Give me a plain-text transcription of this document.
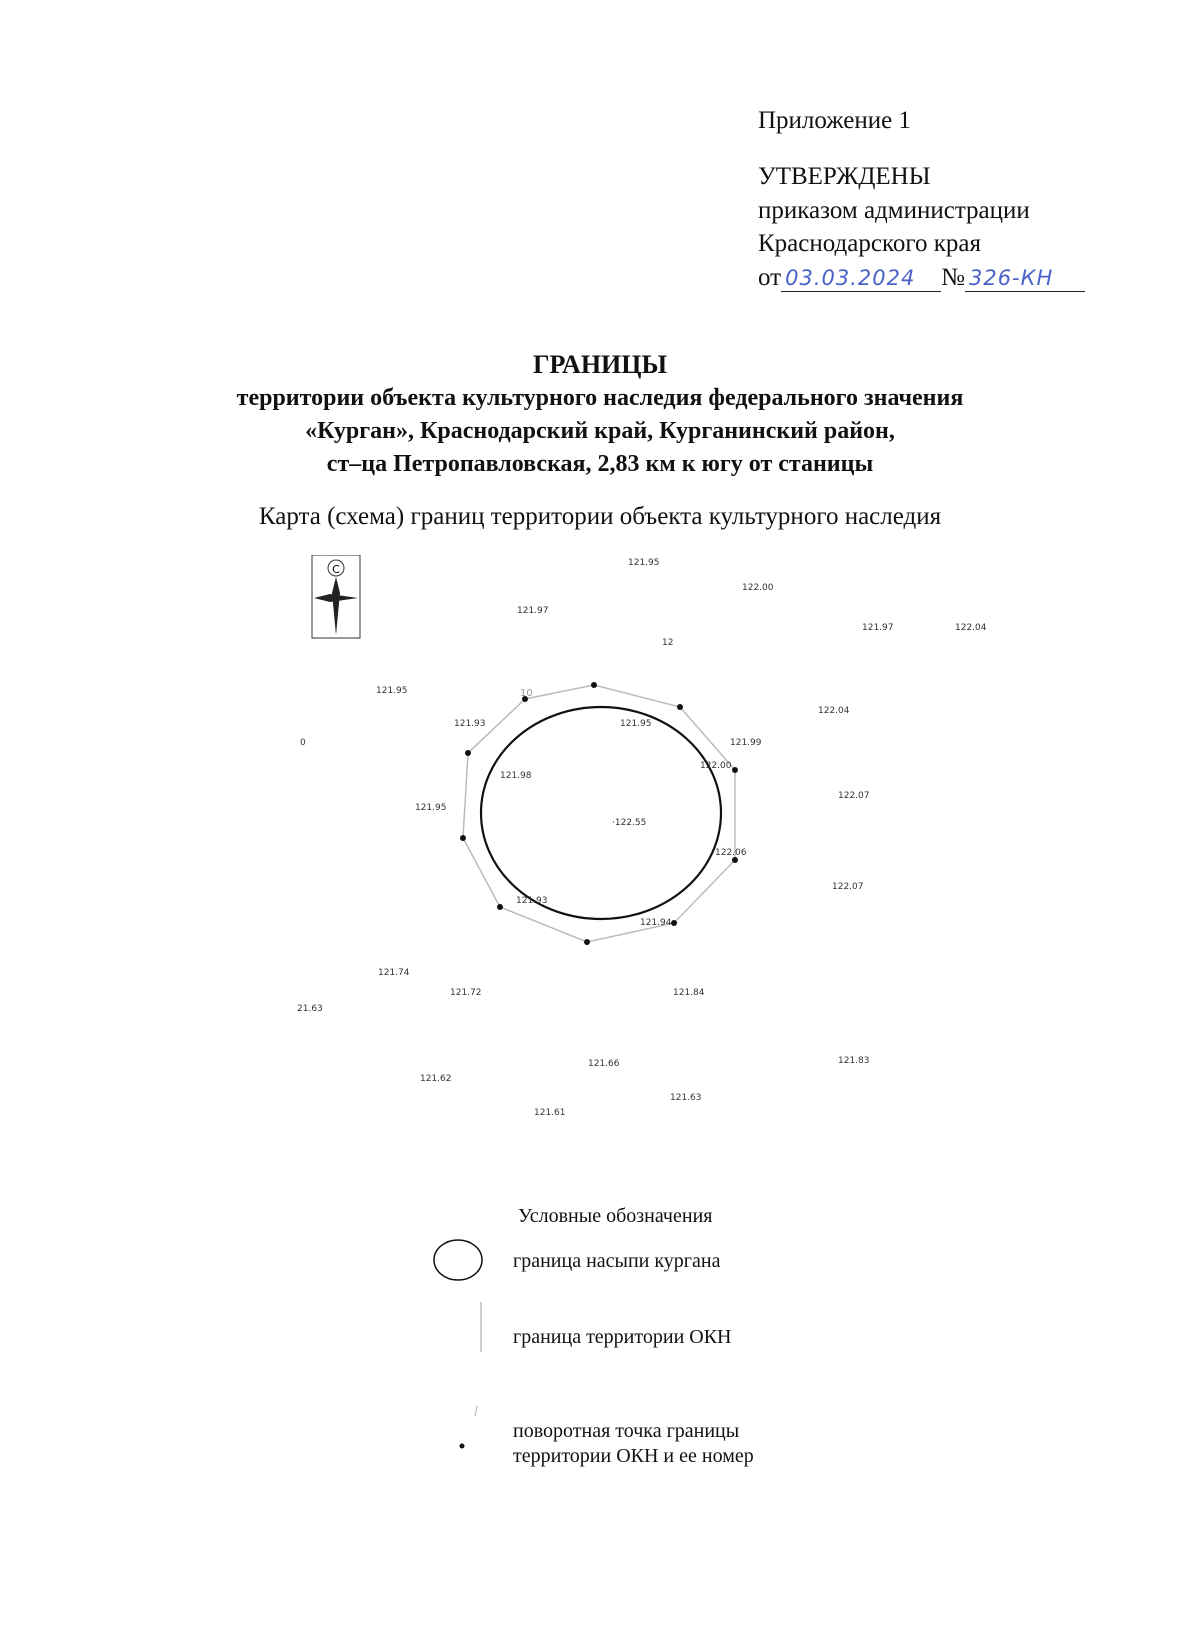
Приложение 1
УТВЕРЖДЕНЫ
приказом администрации
Краснодарского края
от 03.03.2024 № 326-КН
ГРАНИЦЫ
территории объекта культурного наследия федерального значения
«Курган», Краснодарский край, Курганинский район,
ст–ца Петропавловская, 2,83 км к югу от станицы
Карта (схема) границ территории объекта культурного наследия
С
10
121.95
122.00
121.97	122.04
12
121.97
121.95
122.04
121.93	121.95
121.99
122.00
0
121.98
122.07
121.95
·122.55
122.06
122.07
121.93
121.94
121.74
121.72	121.84
21.63
121.66	121.83
121.62
121.63
121.61
Условные обозначения
граница насыпи кургана
граница территории ОКН
поворотная точка границы
территории ОКН и ее номер
